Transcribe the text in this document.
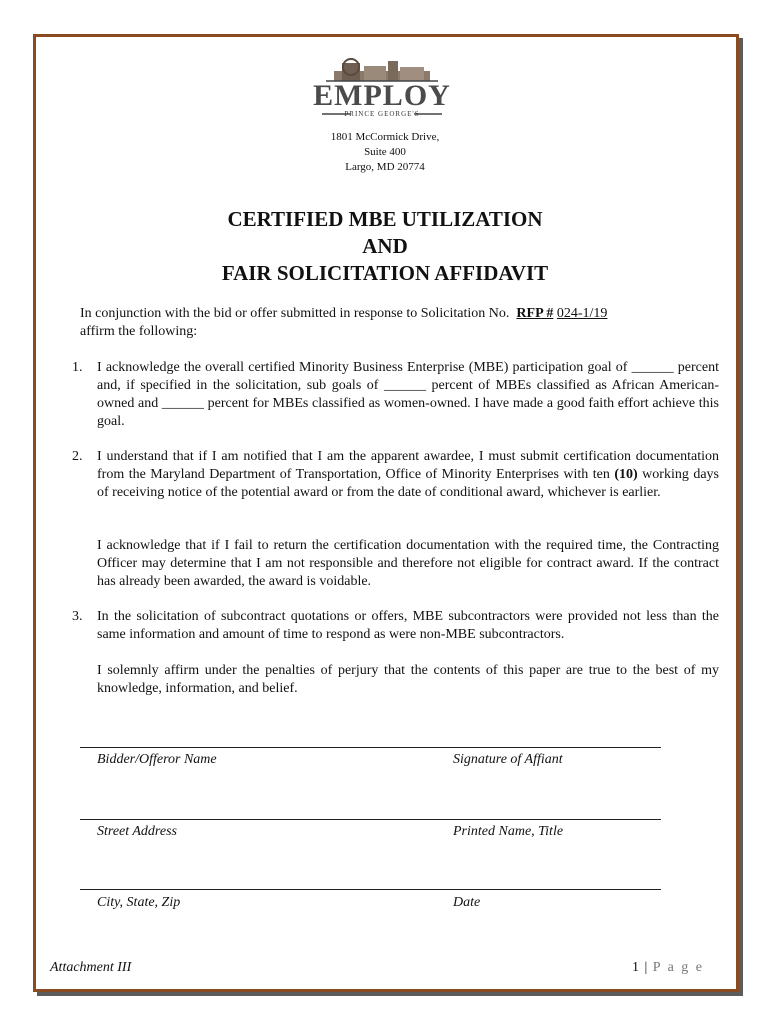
EMPLOY
PRINCE GEORGE'S
1801 McCormick Drive,
Suite 400
Largo, MD 20774
CERTIFIED MBE UTILIZATION
AND
FAIR SOLICITATION AFFIDAVIT
In conjunction with the bid or offer submitted in response to Solicitation No. RFP # 024-1/19
affirm the following:
1. I acknowledge the overall certified Minority Business Enterprise (MBE) participation goal of ______ percent and, if specified in the solicitation, sub goals of ______ percent of MBEs classified as African American-owned and ______ percent for MBEs classified as women-owned. I have made a good faith effort achieve this goal.
2. I understand that if I am notified that I am the apparent awardee, I must submit certification documentation from the Maryland Department of Transportation, Office of Minority Enterprises with ten (10) working days of receiving notice of the potential award or from the date of conditional award, whichever is earlier.
I acknowledge that if I fail to return the certification documentation with the required time, the Contracting Officer may determine that I am not responsible and therefore not eligible for contract award. If the contract has already been awarded, the award is voidable.
3. In the solicitation of subcontract quotations or offers, MBE subcontractors were provided not less than the same information and amount of time to respond as were non-MBE subcontractors.
I solemnly affirm under the penalties of perjury that the contents of this paper are true to the best of my knowledge, information, and belief.
Bidder/Offeror Name	Signature of Affiant
Street Address	Printed Name, Title
City, State, Zip	Date
Attachment III	1 | P a g e
